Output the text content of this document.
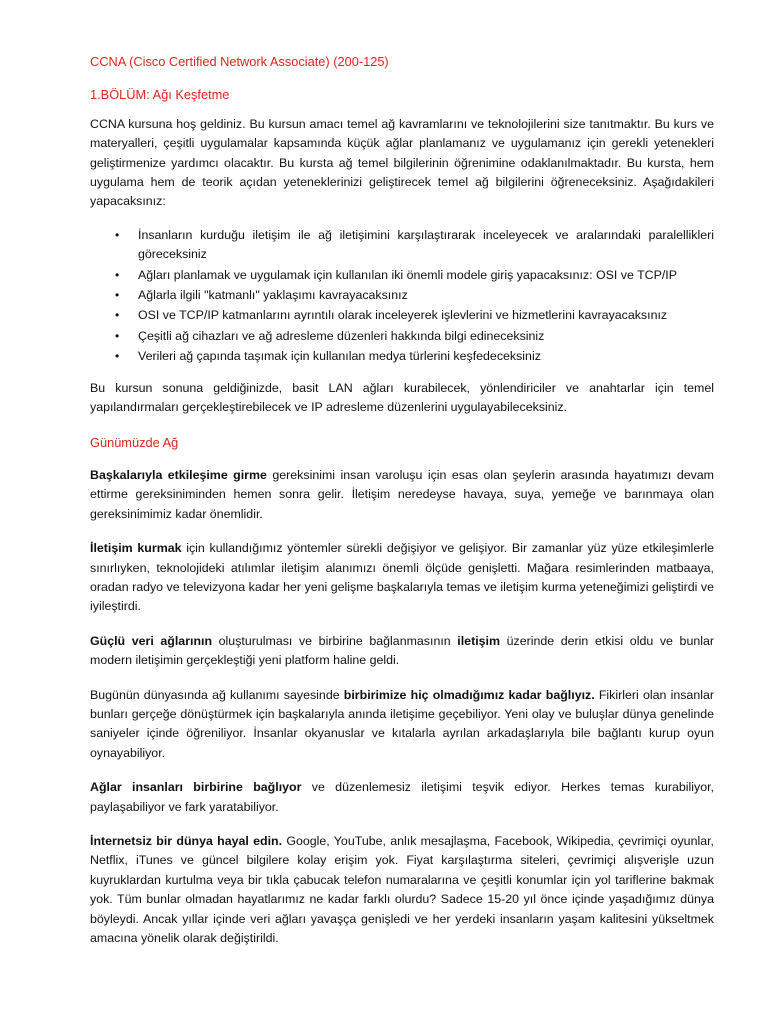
CCNA (Cisco Certified Network Associate) (200-125)
1.BÖLÜM: Ağı Keşfetme

CCNA kursuna hoş geldiniz. Bu kursun amacı temel ağ kavramlarını ve teknolojilerini size tanıtmaktır. Bu kurs ve materyalleri, çeşitli uygulamalar kapsamında küçük ağlar planlamanız ve uygulamanız için gerekli yetenekleri geliştirmenize yardımcı olacaktır. Bu kursta ağ temel bilgilerinin öğrenimine odaklanılmaktadır. Bu kursta, hem uygulama hem de teorik açıdan yeteneklerinizi geliştirecek temel ağ bilgilerini öğreneceksiniz. Aşağıdakileri yapacaksınız:

• İnsanların kurduğu iletişim ile ağ iletişimini karşılaştırarak inceleyecek ve aralarındaki paralellikleri göreceksiniz
• Ağları planlamak ve uygulamak için kullanılan iki önemli modele giriş yapacaksınız: OSI ve TCP/IP
• Ağlarla ilgili "katmanlı" yaklaşımı kavrayacaksınız
• OSI ve TCP/IP katmanlarını ayrıntılı olarak inceleyerek işlevlerini ve hizmetlerini kavrayacaksınız
• Çeşitli ağ cihazları ve ağ adresleme düzenleri hakkında bilgi edineceksiniz
• Verileri ağ çapında taşımak için kullanılan medya türlerini keşfedeceksiniz

Bu kursun sonuna geldiğinizde, basit LAN ağları kurabilecek, yönlendiriciler ve anahtarlar için temel yapılandırmaları gerçekleştirebilecek ve IP adresleme düzenlerini uygulayabileceksiniz.

Günümüzde Ağ

Başkalarıyla etkileşime girme gereksinimi insan varoluşu için esas olan şeylerin arasında hayatımızı devam ettirme gereksiniminden hemen sonra gelir. İletişim neredeyse havaya, suya, yemeğe ve barınmaya olan gereksinimimiz kadar önemlidir.

İletişim kurmak için kullandığımız yöntemler sürekli değişiyor ve gelişiyor. Bir zamanlar yüz yüze etkileşimlerle sınırlıyken, teknolojideki atılımlar iletişim alanımızı önemli ölçüde genişletti. Mağara resimlerinden matbaaya, oradan radyo ve televizyona kadar her yeni gelişme başkalarıyla temas ve iletişim kurma yeteneğimizi geliştirdi ve iyileştirdi.

Güçlü veri ağlarının oluşturulması ve birbirine bağlanmasının iletişim üzerinde derin etkisi oldu ve bunlar modern iletişimin gerçekleştiği yeni platform haline geldi.

Bugünün dünyasında ağ kullanımı sayesinde birbirimize hiç olmadığımız kadar bağlıyız. Fikirleri olan insanlar bunları gerçeğe dönüştürmek için başkalarıyla anında iletişime geçebiliyor. Yeni olay ve buluşlar dünya genelinde saniyeler içinde öğreniliyor. İnsanlar okyanuslar ve kıtalarla ayrılan arkadaşlarıyla bile bağlantı kurup oyun oynayabiliyor.

Ağlar insanları birbirine bağlıyor ve düzenlemesiz iletişimi teşvik ediyor. Herkes temas kurabiliyor, paylaşabiliyor ve fark yaratabiliyor.

İnternetsiz bir dünya hayal edin. Google, YouTube, anlık mesajlaşma, Facebook, Wikipedia, çevrimiçi oyunlar, Netflix, iTunes ve güncel bilgilere kolay erişim yok. Fiyat karşılaştırma siteleri, çevrimiçi alışverişle uzun kuyruklardan kurtulma veya bir tıkla çabucak telefon numaralarına ve çeşitli konumlar için yol tariflerine bakmak yok. Tüm bunlar olmadan hayatlarımız ne kadar farklı olurdu? Sadece 15-20 yıl önce içinde yaşadığımız dünya böyleydi. Ancak yıllar içinde veri ağları yavaşça genişledi ve her yerdeki insanların yaşam kalitesini yükseltmek amacına yönelik olarak değiştirildi.
